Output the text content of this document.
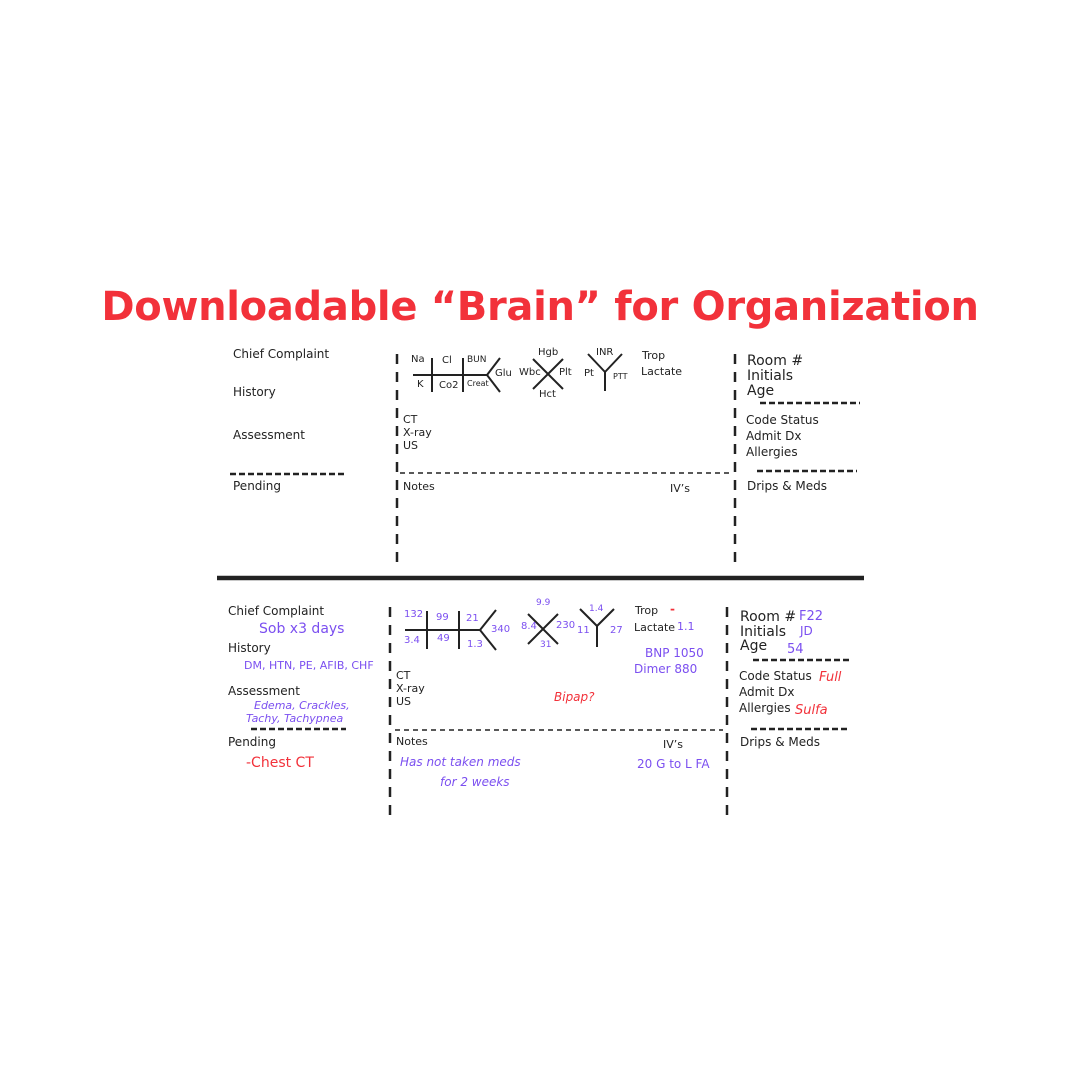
Downloadable “Brain” for Organization
Chief Complaint
History
Assessment
Pending
Na Cl BUN
K Co2 Creat
Glu
Hgb
Wbc Plt
Hct
INR
Pt PTT
Trop
Lactate
CT
X-ray
US
Notes	IV’s
Room #
Initials
Age
Code Status
Admit Dx
Allergies
Drips & Meds
Chief Complaint
Sob x3 days
History
DM, HTN, PE, AFIB, CHF
Assessment
Edema, Crackles,
Tachy, Tachypnea
Pending
-Chest CT
132 99 21
3.4 49
1.3
340
9.9
8.4 230
31
1.4
11 27
Trop -
Lactate 1.1
BNP 1050
Dimer 880
CT
X-ray
US	Bipap?
Notes
Has not taken meds
for 2 weeks
IV’s
20 G to L FA
Room # F22
Initials JD
Age 54
Code Status Full
Admit Dx
Allergies Sulfa
Drips & Meds
